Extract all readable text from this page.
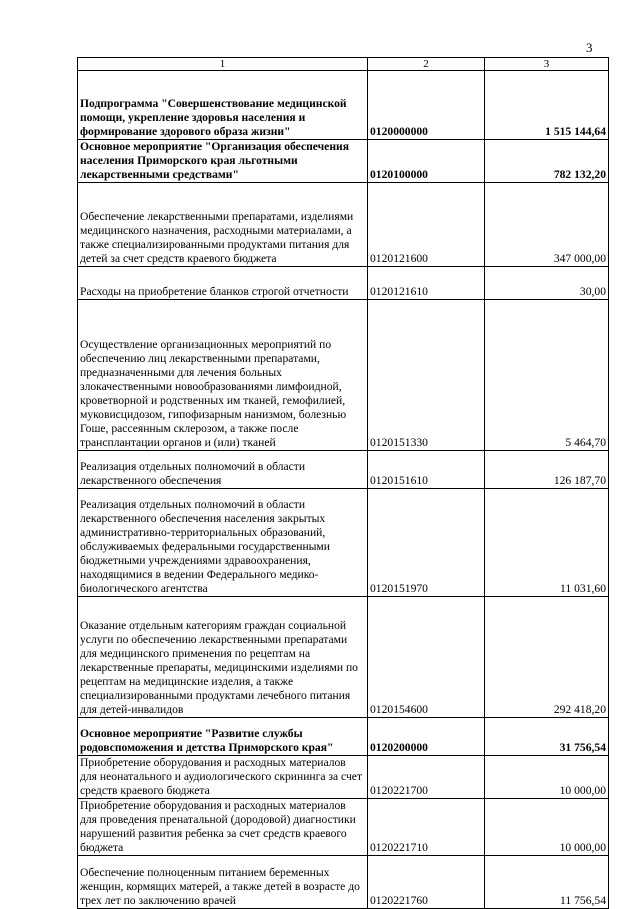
3
1	2	3
Подпрограмма "Совершенствование медицинской помощи, укрепление здоровья населения и формирование здорового образа жизни"	0120000000	1 515 144,64
Основное мероприятие "Организация обеспечения населения Приморского края льготными лекарственными средствами"	0120100000	782 132,20
Обеспечение лекарственными препаратами, изделиями медицинского назначения, расходными материалами, а также специализированными продуктами питания для детей за счет средств краевого бюджета	0120121600	347 000,00
Расходы на приобретение бланков строгой отчетности	0120121610	30,00
Осуществление организационных мероприятий по обеспечению лиц лекарственными препаратами, предназначенными для лечения больных злокачественными новообразованиями лимфоидной, кроветворной и родственных им тканей, гемофилией, муковисцидозом, гипофизарным нанизмом, болезнью Гоше, рассеянным склерозом, а также после трансплантации органов и (или) тканей	0120151330	5 464,70
Реализация отдельных полномочий в области лекарственного обеспечения	0120151610	126 187,70
Реализация отдельных полномочий в области лекарственного обеспечения населения закрытых административно-территориальных образований, обслуживаемых федеральными государственными бюджетными учреждениями здравоохранения, находящимися в ведении Федерального медико-биологического агентства	0120151970	11 031,60
Оказание отдельным категориям граждан социальной услуги по обеспечению лекарственными препаратами для медицинского применения по рецептам на лекарственные препараты, медицинскими изделиями по рецептам на медицинские изделия, а также специализированными продуктами лечебного питания для детей-инвалидов	0120154600	292 418,20
Основное мероприятие "Развитие службы родовспоможения и детства Приморского края"	0120200000	31 756,54
Приобретение оборудования и расходных материалов для неонатального и аудиологического скрининга за счет средств краевого бюджета	0120221700	10 000,00
Приобретение оборудования и расходных материалов для проведения пренатальной (дородовой) диагностики нарушений развития ребенка за счет средств краевого бюджета	0120221710	10 000,00
Обеспечение полноценным питанием беременных женщин, кормящих матерей, а также детей в возрасте до трех лет по заключению врачей	0120221760	11 756,54
